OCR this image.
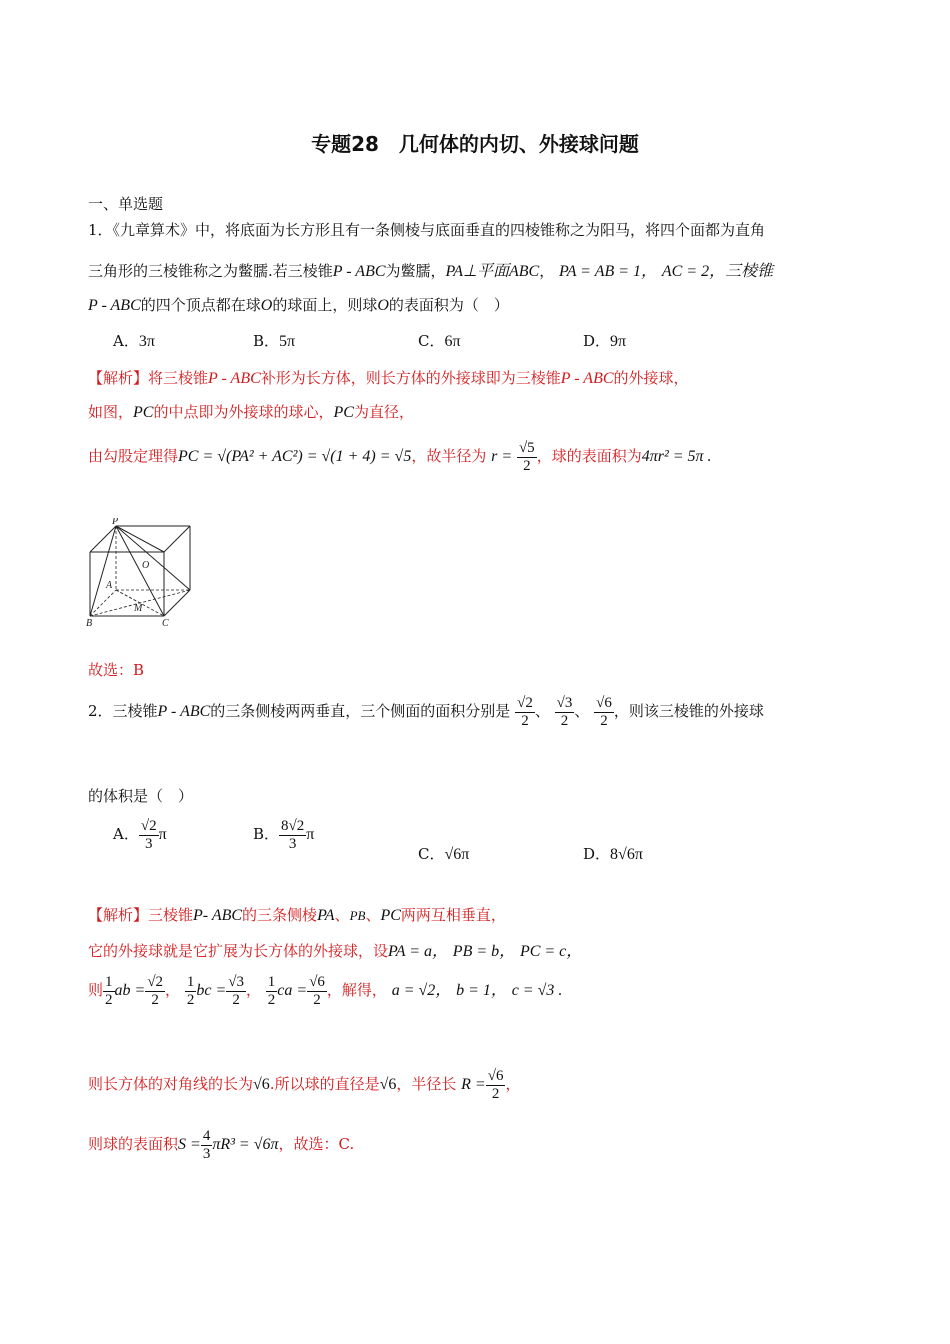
专题28　几何体的内切、外接球问题
一、单选题
1．《九章算术》中，将底面为长方形且有一条侧棱与底面垂直的四棱锥称之为阳马，将四个面都为直角
三角形的三棱锥称之为鳖臑.若三棱锥P - ABC为鳖臑，PA⊥平面ABC， PA = AB = 1， AC = 2，三棱锥
P - ABC的四个顶点都在球O的球面上，则球O的表面积为（　）
A．3π	B．5π	C．6π	D．9π
【解析】将三棱锥P - ABC补形为长方体，则长方体的外接球即为三棱锥P - ABC的外接球，
如图，PC的中点即为外接球的球心，PC为直径，
由勾股定理得PC = √(PA² + AC²) = √(1 + 4) = √5，故半径为 $r = \frac{√5}{2}$ ，球的表面积为4πr² = 5π .
P
O
A
M
B	C
故选：B
2．三棱锥P - ABC的三条侧棱两两垂直，三个侧面的面积分别是 $\frac{√2}{2}$ 、 $\frac{√3}{2}$ 、 $\frac{√6}{2}$ ，则该三棱锥的外接球
的体积是（　）
A． $\frac{√2}{3}$ π	B． $\frac{8√2}{3}$ π
C．√6π	D．8√6π
【解析】三棱锥P- ABC的三条侧棱PA、PB、PC两两互相垂直，
它的外接球就是它扩展为长方体的外接球，设PA = a， PB = b， PC = c，
则 $\frac{1}{2}$ ab = $\frac{√2}{2}$ ， $\frac{1}{2}$ bc = $\frac{√3}{2}$ ， $\frac{1}{2}$ ca = $\frac{√6}{2}$ ，解得， a = √2， b = 1， c = √3 .
则长方体的对角线的长为√6.所以球的直径是√6，半径长 $R = \frac{√6}{2}$ ，
则球的表面积$S = \frac{4}{3} \pi R^3 = √6\pi$，故选：C.
